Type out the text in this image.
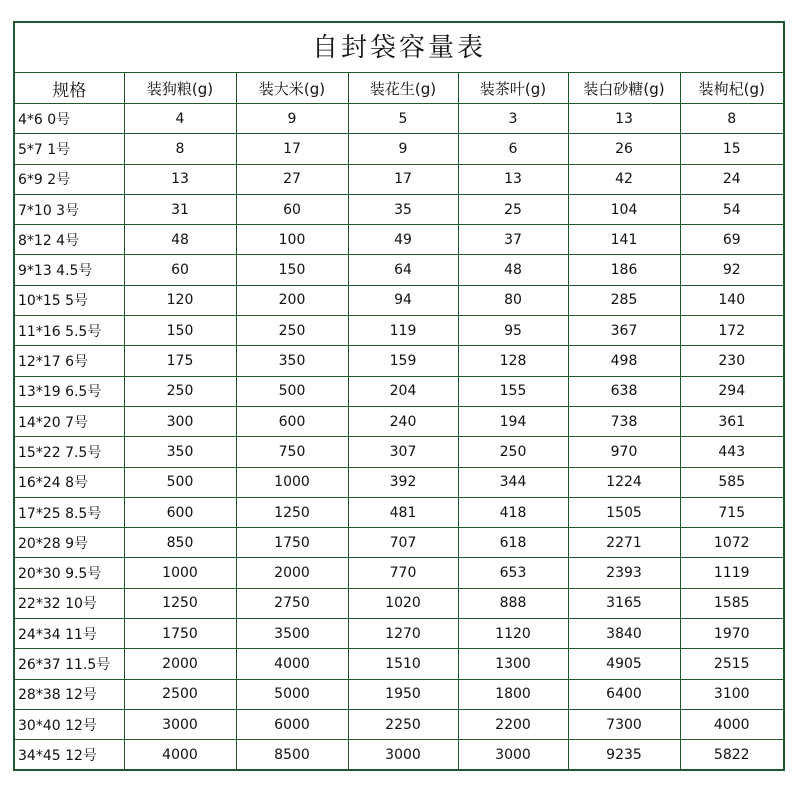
自封袋容量表
规格	装狗粮(g)	装大米(g)	装花生(g)	装茶叶(g)	装白砂糖(g)	装枸杞(g)
4*6 0号	4	9	5	3	13	8
5*7 1号	8	17	9	6	26	15
6*9 2号	13	27	17	13	42	24
7*10 3号	31	60	35	25	104	54
8*12 4号	48	100	49	37	141	69
9*13 4.5号	60	150	64	48	186	92
10*15 5号	120	200	94	80	285	140
11*16 5.5号	150	250	119	95	367	172
12*17 6号	175	350	159	128	498	230
13*19 6.5号	250	500	204	155	638	294
14*20 7号	300	600	240	194	738	361
15*22 7.5号	350	750	307	250	970	443
16*24 8号	500	1000	392	344	1224	585
17*25 8.5号	600	1250	481	418	1505	715
20*28 9号	850	1750	707	618	2271	1072
20*30 9.5号	1000	2000	770	653	2393	1119
22*32 10号	1250	2750	1020	888	3165	1585
24*34 11号	1750	3500	1270	1120	3840	1970
26*37 11.5号	2000	4000	1510	1300	4905	2515
28*38 12号	2500	5000	1950	1800	6400	3100
30*40 12号	3000	6000	2250	2200	7300	4000
34*45 12号	4000	8500	3000	3000	9235	5822
